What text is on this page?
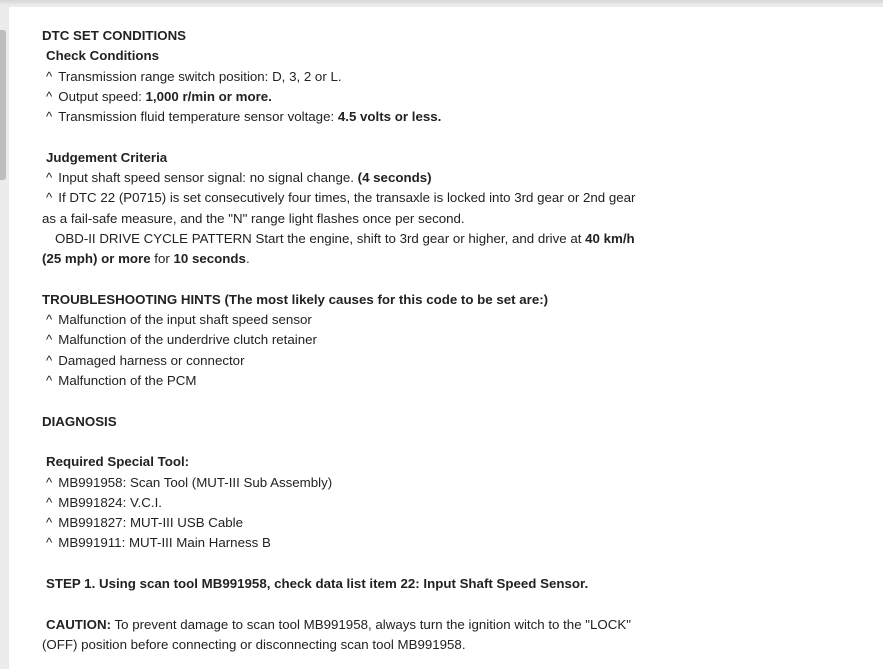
DTC SET CONDITIONS
Check Conditions
^ Transmission range switch position: D, 3, 2 or L.
^ Output speed: 1,000 r/min or more.
^ Transmission fluid temperature sensor voltage: 4.5 volts or less.
Judgement Criteria
^ Input shaft speed sensor signal: no signal change. (4 seconds)
^ If DTC 22 (P0715) is set consecutively four times, the transaxle is locked into 3rd gear or 2nd gear
as a fail-safe measure, and the "N" range light flashes once per second.
OBD-II DRIVE CYCLE PATTERN Start the engine, shift to 3rd gear or higher, and drive at 40 km/h
(25 mph) or more for 10 seconds.
TROUBLESHOOTING HINTS (The most likely causes for this code to be set are:)
^ Malfunction of the input shaft speed sensor
^ Malfunction of the underdrive clutch retainer
^ Damaged harness or connector
^ Malfunction of the PCM
DIAGNOSIS
Required Special Tool:
^ MB991958: Scan Tool (MUT-III Sub Assembly)
^ MB991824: V.C.I.
^ MB991827: MUT-III USB Cable
^ MB991911: MUT-III Main Harness B
STEP 1. Using scan tool MB991958, check data list item 22: Input Shaft Speed Sensor.
CAUTION: To prevent damage to scan tool MB991958, always turn the ignition witch to the "LOCK"
(OFF) position before connecting or disconnecting scan tool MB991958.
